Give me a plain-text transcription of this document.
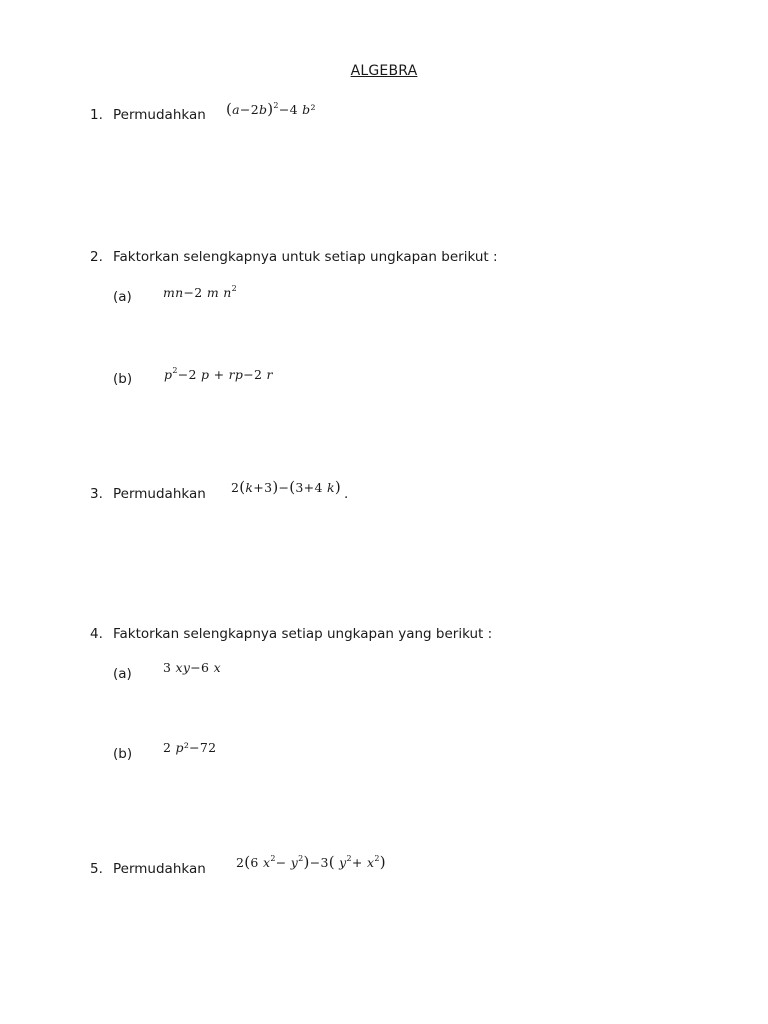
ALGEBRA
1. Permudahkan $(a-2b)^2-4$ b²
2. Faktorkan selengkapnya untuk setiap ungkapan berikut :
(a) mn−2 m $n^2$
(b)	$p^2-2$ p + rp−2 r
3. Permudahkan 2(k+3)−(3+4 k) .
4. Faktorkan selengkapnya setiap ungkapan yang berikut :
(a) 3 xy−6 x
(b) 2 p²−72
5. Permudahkan 2(6 $x^2- y^2)-3$( $y^2+ x^2$)
